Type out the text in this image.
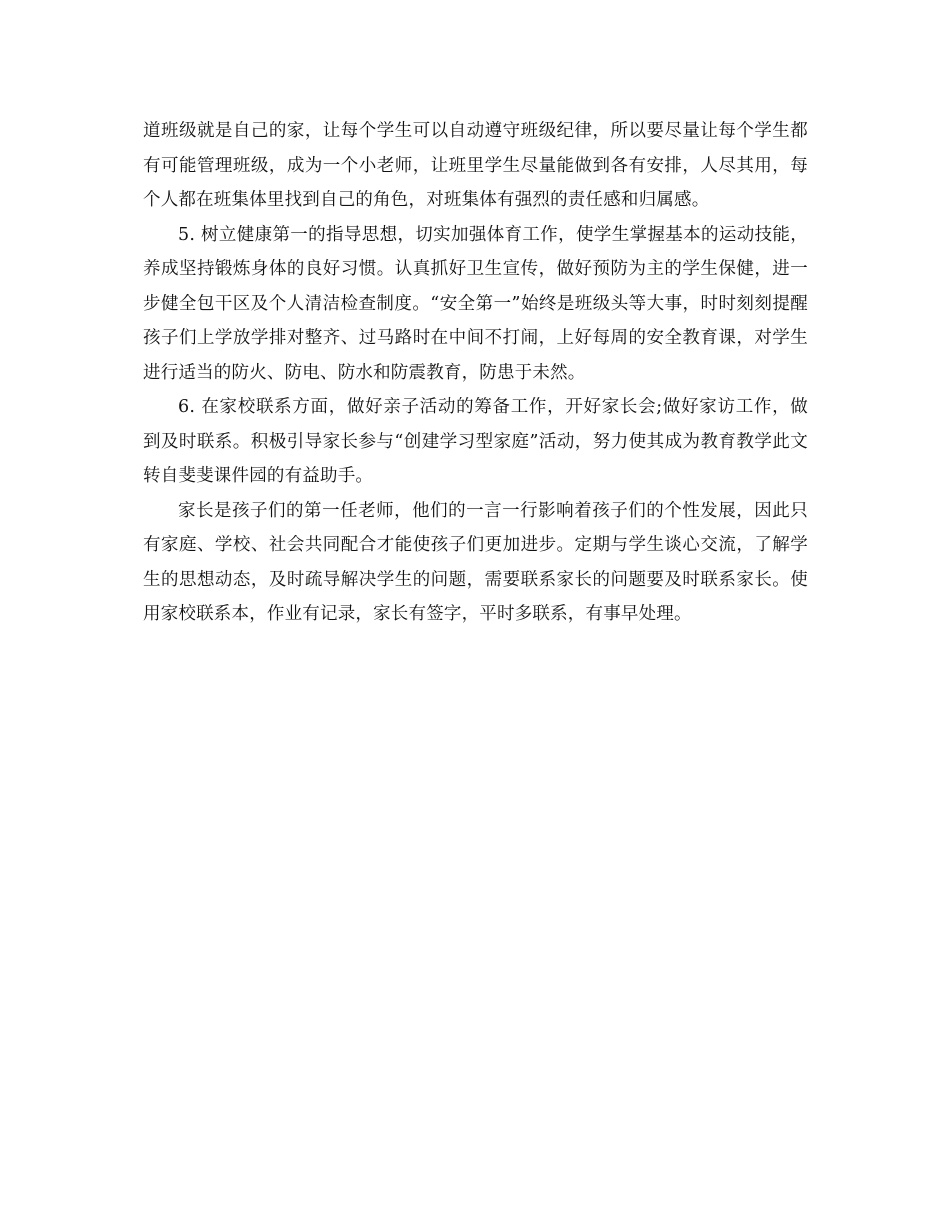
道班级就是自己的家，让每个学生可以自动遵守班级纪律，所以要尽量让每个学生都有可能管理班级，成为一个小老师，让班里学生尽量能做到各有安排，人尽其用，每个人都在班集体里找到自己的角色，对班集体有强烈的责任感和归属感。

5. 树立健康第一的指导思想，切实加强体育工作，使学生掌握基本的运动技能，养成坚持锻炼身体的良好习惯。认真抓好卫生宣传，做好预防为主的学生保健，进一步健全包干区及个人清洁检查制度。“安全第一”始终是班级头等大事，时时刻刻提醒孩子们上学放学排对整齐、过马路时在中间不打闹，上好每周的安全教育课，对学生进行适当的防火、防电、防水和防震教育，防患于未然。

6. 在家校联系方面，做好亲子活动的筹备工作，开好家长会;做好家访工作，做到及时联系。积极引导家长参与“创建学习型家庭”活动，努力使其成为教育教学此文转自斐斐课件园的有益助手。

家长是孩子们的第一任老师，他们的一言一行影响着孩子们的个性发展，因此只有家庭、学校、社会共同配合才能使孩子们更加进步。定期与学生谈心交流，了解学生的思想动态，及时疏导解决学生的问题，需要联系家长的问题要及时联系家长。使用家校联系本，作业有记录，家长有签字，平时多联系，有事早处理。
